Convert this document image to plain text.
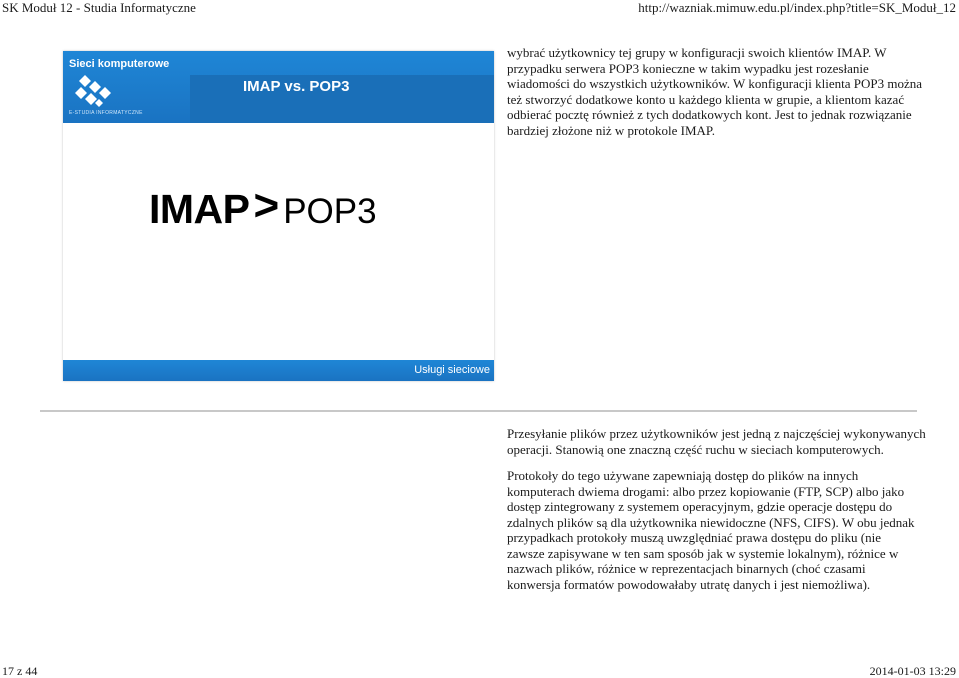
SK Moduł 12 - Studia Informatyczne	http://wazniak.mimuw.edu.pl/index.php?title=SK_Moduł_12
Sieci komputerowe
E-STUDIA INFORMATYCZNE
IMAP vs. POP3
IMAP> POP3
Usługi sieciowe

wybrać użytkownicy tej grupy w konfiguracji swoich klientów IMAP. W przypadku serwera POP3 konieczne w takim wypadku jest rozesłanie wiadomości do wszystkich użytkowników. W konfiguracji klienta POP3 można też stworzyć dodatkowe konto u każdego klienta w grupie, a klientom kazać odbierać pocztę również z tych dodatkowych kont. Jest to jednak rozwiązanie bardziej złożone niż w protokole IMAP.

Przesyłanie plików przez użytkowników jest jedną z najczęściej wykonywanych operacji. Stanowią one znaczną część ruchu w sieciach komputerowych.

Protokoły do tego używane zapewniają dostęp do plików na innych komputerach dwiema drogami: albo przez kopiowanie (FTP, SCP) albo jako dostęp zintegrowany z systemem operacyjnym, gdzie operacje dostępu do zdalnych plików są dla użytkownika niewidoczne (NFS, CIFS). W obu jednak przypadkach protokoły muszą uwzględniać prawa dostępu do pliku (nie zawsze zapisywane w ten sam sposób jak w systemie lokalnym), różnice w nazwach plików, różnice w reprezentacjach binarnych (choć czasami konwersja formatów powodowałaby utratę danych i jest niemożliwa).

17 z 44	2014-01-03 13:29
